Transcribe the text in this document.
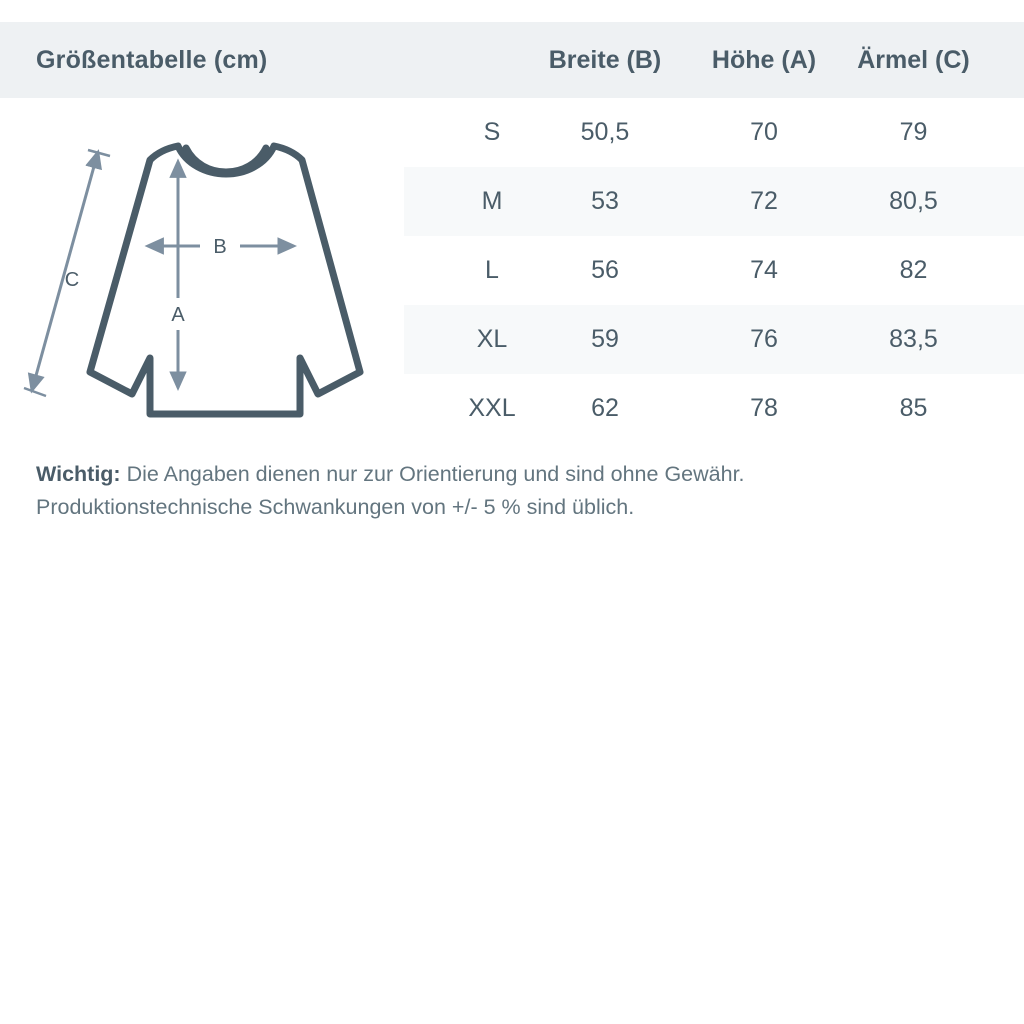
Größentabelle (cm)	Breite (B)	Höhe (A)	Ärmel (C)
C
B
A
S	50,5	70	79
M	53	72	80,5
L	56	74	82
XL	59	76	83,5
XXL	62	78	85
Wichtig: Die Angaben dienen nur zur Orientierung und sind ohne Gewähr.
Produktionstechnische Schwankungen von +/- 5 % sind üblich.
